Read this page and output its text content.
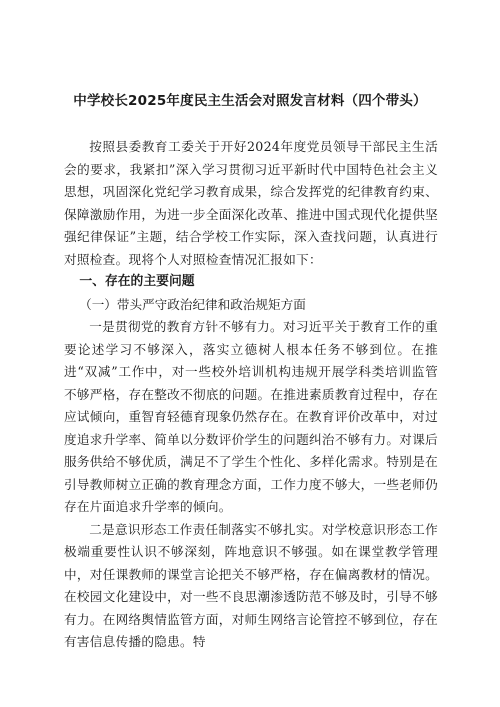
中学校长2025年度民主生活会对照发言材料（四个带头）

按照县委教育工委关于开好2024年度党员领导干部民主生活会的要求，我紧扣”深入学习贯彻习近平新时代中国特色社会主义思想，巩固深化党纪学习教育成果，综合发挥党的纪律教育约束、保障激励作用，为进一步全面深化改革、推进中国式现代化提供坚强纪律保证”主题，结合学校工作实际，深入查找问题，认真进行对照检查。现将个人对照检查情况汇报如下：

一、存在的主要问题
（一）带头严守政治纪律和政治规矩方面

一是贯彻党的教育方针不够有力。对习近平关于教育工作的重要论述学习不够深入，落实立德树人根本任务不够到位。在推进“双减”工作中，对一些校外培训机构违规开展学科类培训监管不够严格，存在整改不彻底的问题。在推进素质教育过程中，存在应试倾向，重智育轻德育现象仍然存在。在教育评价改革中，对过度追求升学率、简单以分数评价学生的问题纠治不够有力。对课后服务供给不够优质，满足不了学生个性化、多样化需求。特别是在引导教师树立正确的教育理念方面，工作力度不够大，一些老师仍存在片面追求升学率的倾向。

二是意识形态工作责任制落实不够扎实。对学校意识形态工作极端重要性认识不够深刻，阵地意识不够强。如在课堂教学管理中，对任课教师的课堂言论把关不够严格，存在偏离教材的情况。在校园文化建设中，对一些不良思潮渗透防范不够及时，引导不够有力。在网络舆情监管方面，对师生网络言论管控不够到位，存在有害信息传播的隐患。特
